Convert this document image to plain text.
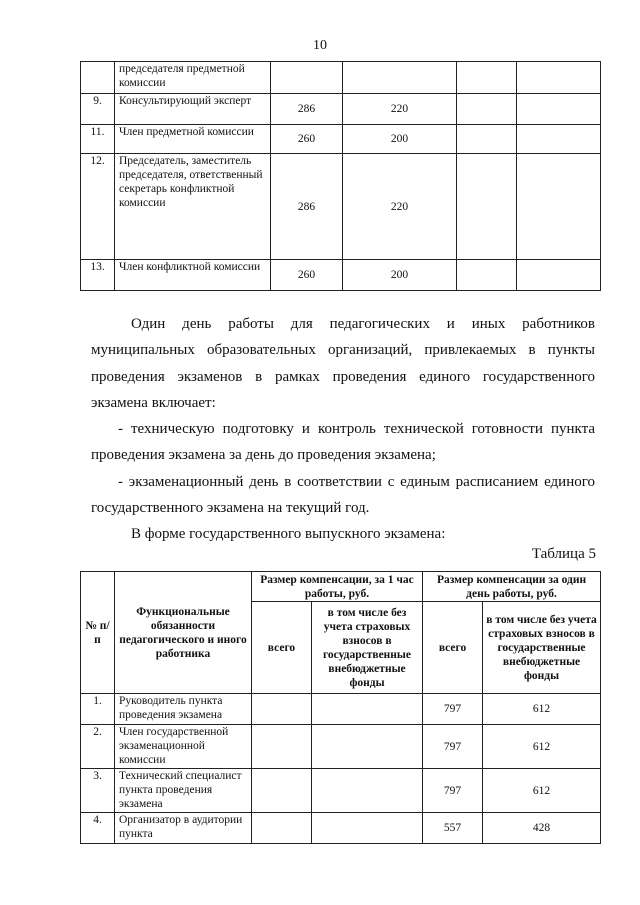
10
	председателя предметной комиссии				
9.	Консультирующий эксперт	286	220		
11.	Член предметной комиссии	260	200		
12.	Председатель, заместитель председателя, ответственный секретарь конфликтной комиссии	286	220		
13.	Член конфликтной комиссии	260	200		

Один день работы для педагогических и иных работников муниципальных образовательных организаций, привлекаемых в пункты проведения экзаменов в рамках проведения единого государственного экзамена включает:

- техническую подготовку и контроль технической готовности пункта проведения экзамена за день до проведения экзамена;

- экзаменационный день в соответствии с единым расписанием единого государственного экзамена на текущий год.

В форме государственного выпускного экзамена:

Таблица 5
№ п/п	Функциональные обязанности педагогического и иного работника	Размер компенсации, за 1 час работы, руб.		Размер компенсации за один день работы, руб.	
		всего	в том числе без учета страховых взносов в государственные внебюджетные фонды	всего	в том числе без учета страховых взносов в государственные внебюджетные фонды
1.	Руководитель пункта проведения экзамена			797	612
2.	Член государственной экзаменационной комиссии			797	612
3.	Технический специалист пункта проведения экзамена			797	612
4.	Организатор в аудитории пункта			557	428
